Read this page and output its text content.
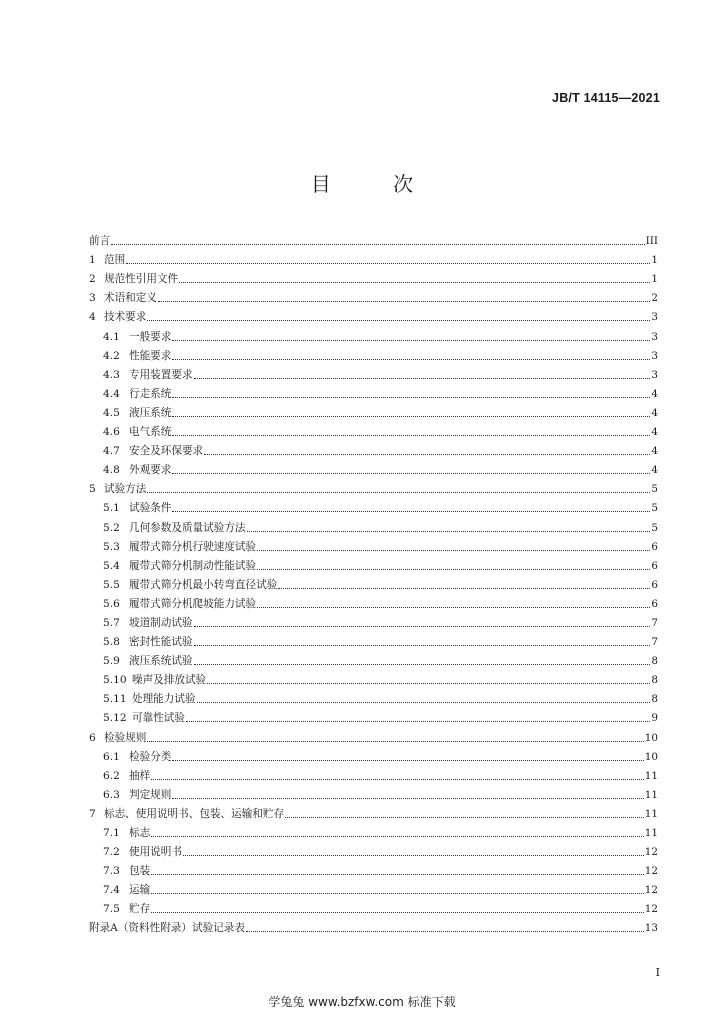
JB/T 14115—2021
目 次
前言	III
1 范围	1
2 规范性引用文件	1
3 术语和定义	2
4 技术要求	3
4.1 一般要求	3
4.2 性能要求	3
4.3 专用装置要求	3
4.4 行走系统	4
4.5 液压系统	4
4.6 电气系统	4
4.7 安全及环保要求	4
4.8 外观要求	4
5 试验方法	5
5.1 试验条件	5
5.2 几何参数及质量试验方法	5
5.3 履带式筛分机行驶速度试验	6
5.4 履带式筛分机制动性能试验	6
5.5 履带式筛分机最小转弯直径试验	6
5.6 履带式筛分机爬坡能力试验	6
5.7 坡道制动试验	7
5.8 密封性能试验	7
5.9 液压系统试验	8
5.10 噪声及排放试验	8
5.11 处理能力试验	8
5.12 可靠性试验	9
6 检验规则	10
6.1 检验分类	10
6.2 抽样	11
6.3 判定规则	11
7 标志、使用说明书、包装、运输和贮存	11
7.1 标志	11
7.2 使用说明书	12
7.3 包装	12
7.4 运输	12
7.5 贮存	12
附录A（资料性附录）试验记录表	13
I
学兔兔 www.bzfxw.com 标准下载
